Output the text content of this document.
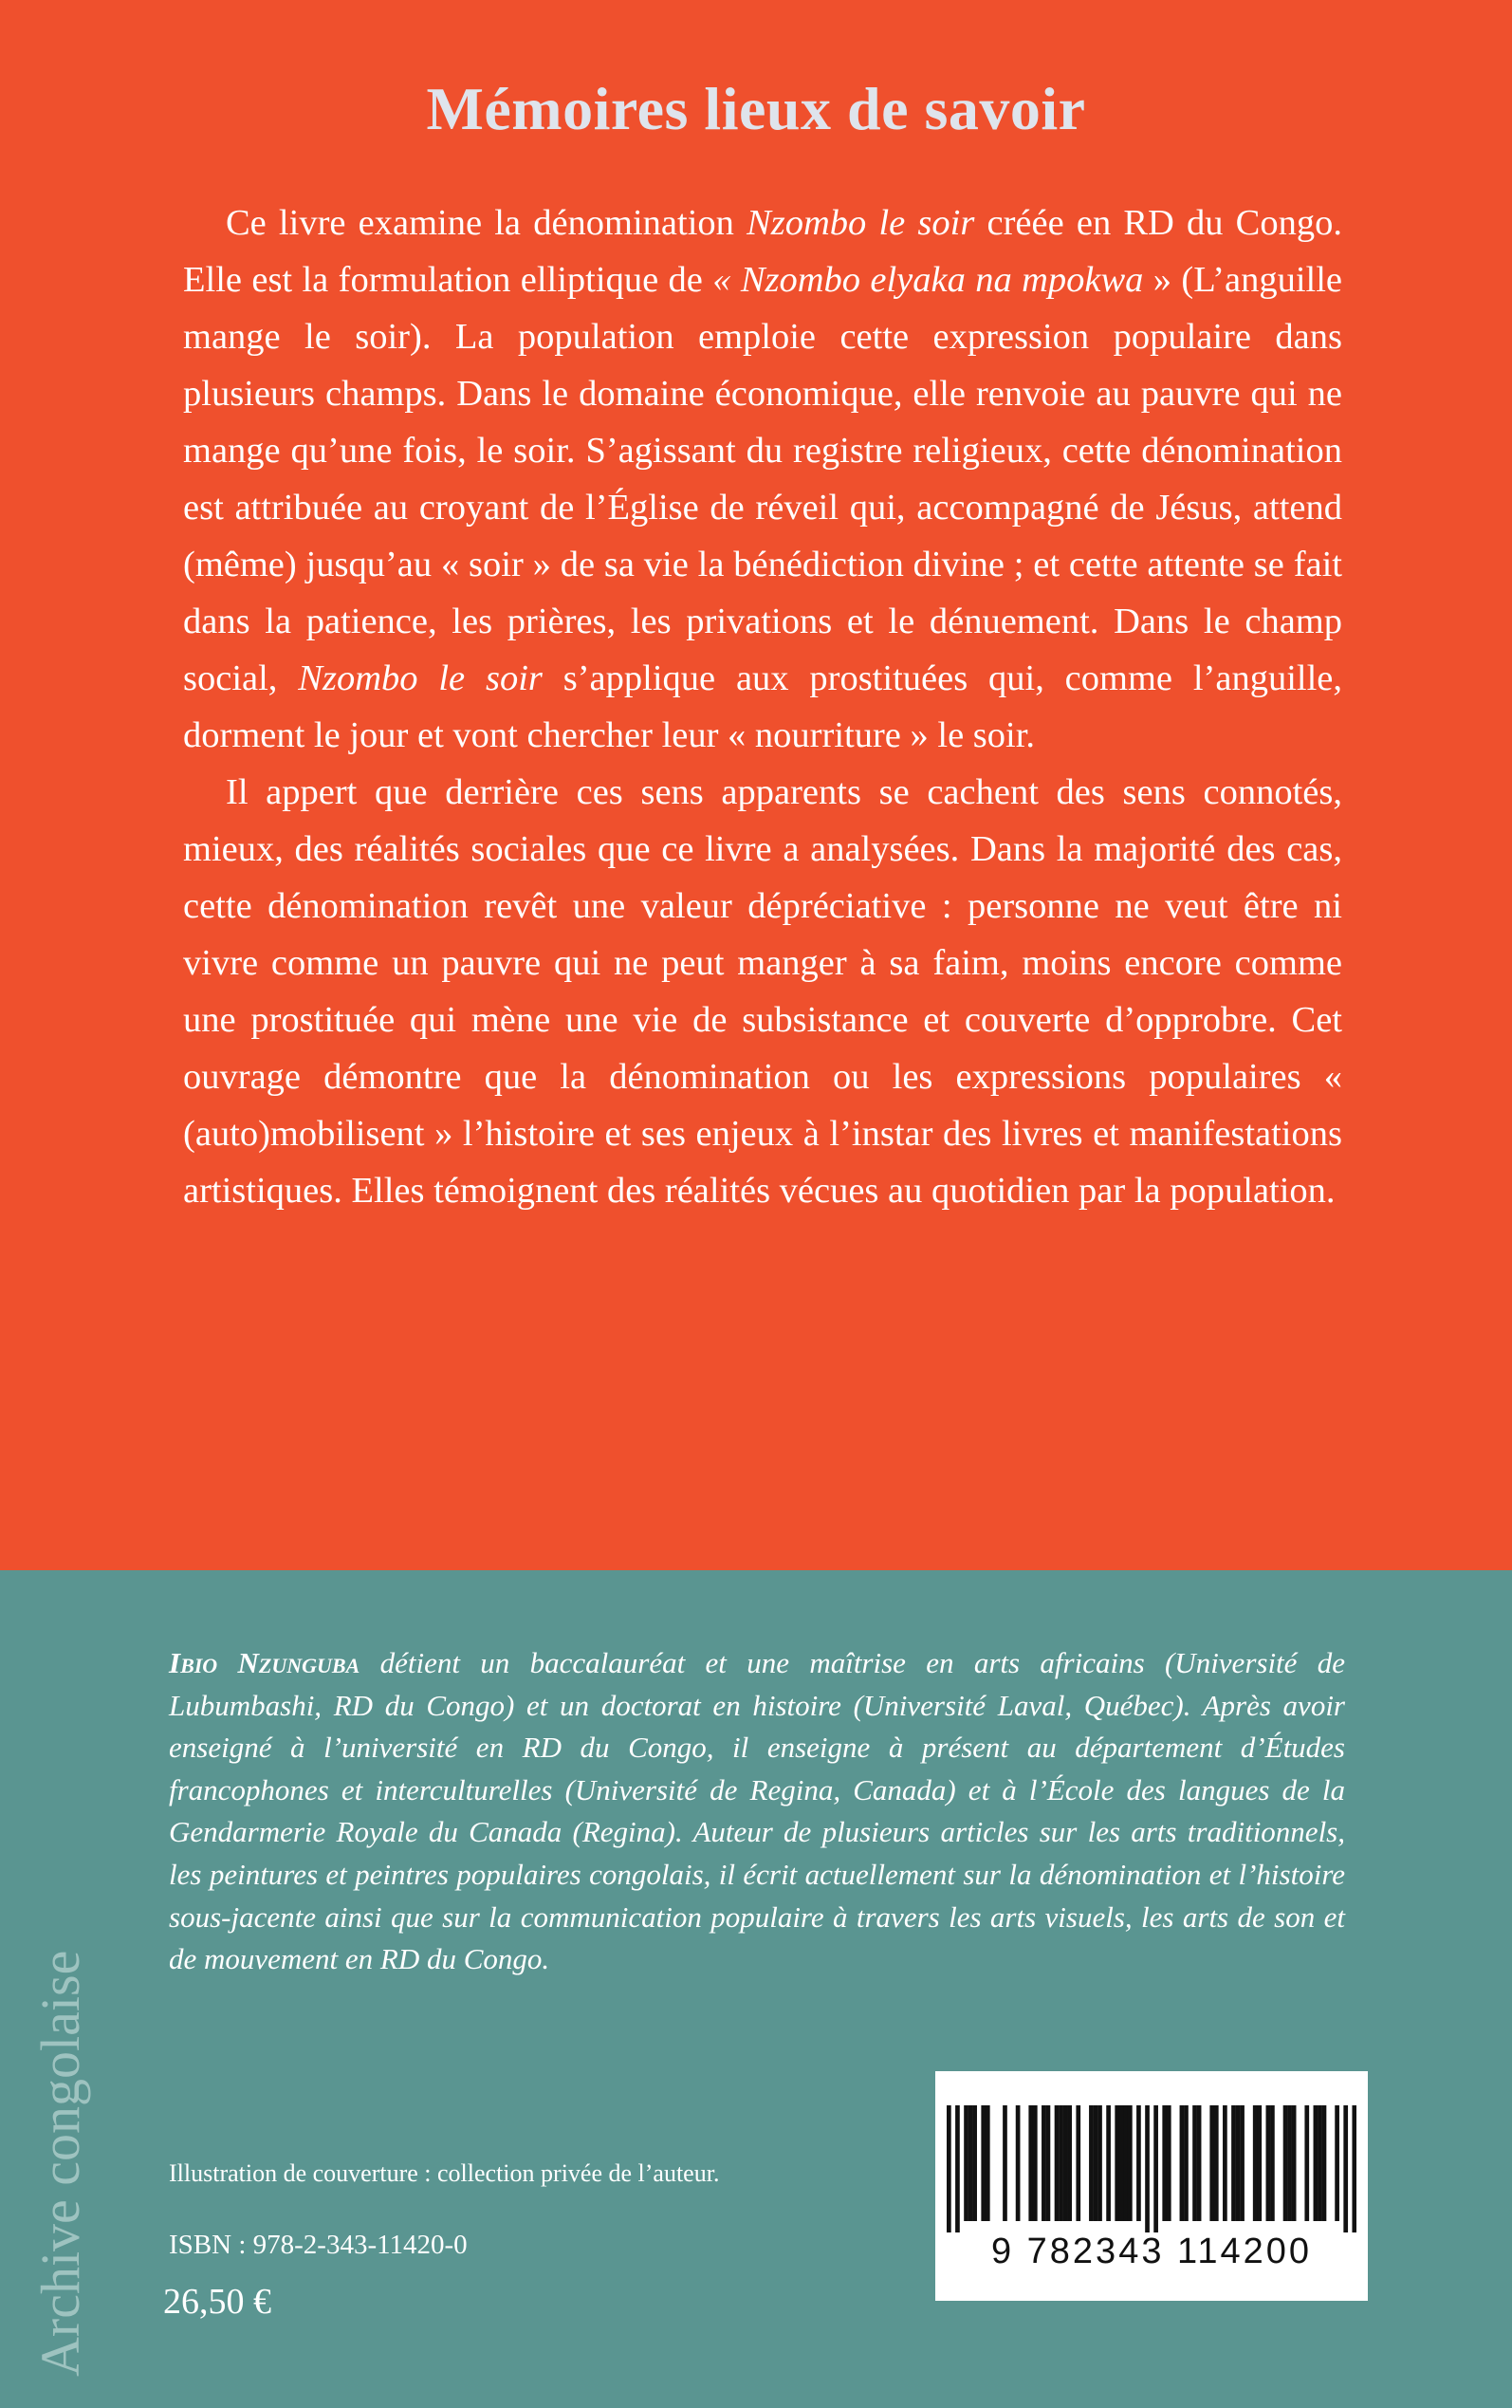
Mémoires lieux de savoir

Ce livre examine la dénomination Nzombo le soir créée en RD du Congo. Elle est la formulation elliptique de « Nzombo elyaka na mpokwa » (L’anguille mange le soir). La population emploie cette expression populaire dans plusieurs champs. Dans le domaine économique, elle renvoie au pauvre qui ne mange qu’une fois, le soir. S’agissant du registre religieux, cette dénomination est attribuée au croyant de l’Église de réveil qui, accompagné de Jésus, attend (même) jusqu’au « soir » de sa vie la bénédiction divine ; et cette attente se fait dans la patience, les prières, les privations et le dénuement. Dans le champ social, Nzombo le soir s’applique aux prostituées qui, comme l’anguille, dorment le jour et vont chercher leur « nourriture » le soir.

Il appert que derrière ces sens apparents se cachent des sens connotés, mieux, des réalités sociales que ce livre a analysées. Dans la majorité des cas, cette dénomination revêt une valeur dépréciative : personne ne veut être ni vivre comme un pauvre qui ne peut manger à sa faim, moins encore comme une prostituée qui mène une vie de subsistance et couverte d’opprobre. Cet ouvrage démontre que la dénomination ou les expressions populaires « (auto)mobilisent » l’histoire et ses enjeux à l’instar des livres et manifestations artistiques. Elles témoignent des réalités vécues au quotidien par la population.

Archive congolaise

Ibio Nzunguba détient un baccalauréat et une maîtrise en arts africains (Université de Lubumbashi, RD du Congo) et un doctorat en histoire (Université Laval, Québec). Après avoir enseigné à l’université en RD du Congo, il enseigne à présent au département d’Études francophones et interculturelles (Université de Regina, Canada) et à l’École des langues de la Gendarmerie Royale du Canada (Regina). Auteur de plusieurs articles sur les arts traditionnels, les peintures et peintres populaires congolais, il écrit actuellement sur la dénomination et l’histoire sous-jacente ainsi que sur la communication populaire à travers les arts visuels, les arts de son et de mouvement en RD du Congo.

Illustration de couverture : collection privée de l’auteur.
ISBN : 978-2-343-11420-0
26,50 €
9 782343 114200
